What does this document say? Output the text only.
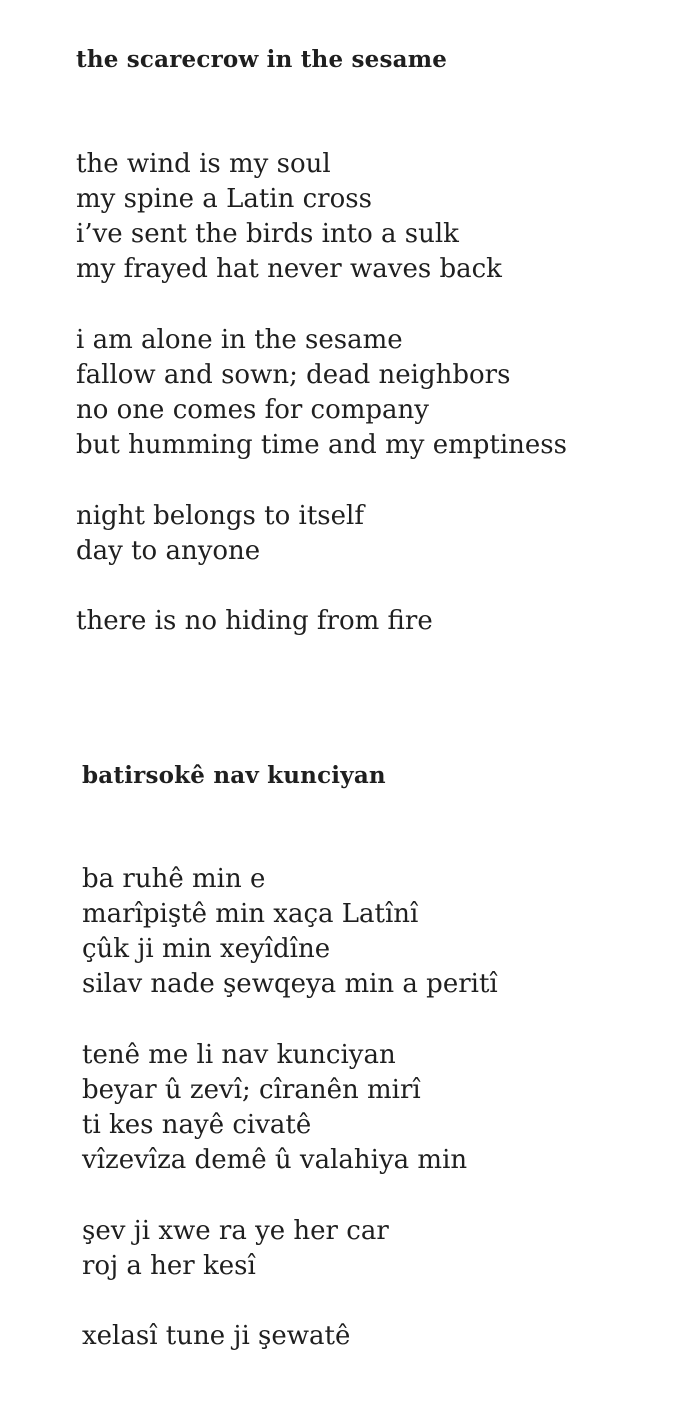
the scarecrow in the sesame

the wind is my soul
my spine a Latin cross
i’ve sent the birds into a sulk
my frayed hat never waves back

i am alone in the sesame
fallow and sown; dead neighbors
no one comes for company
but humming time and my emptiness

night belongs to itself
day to anyone

there is no hiding from fire

batirsokê nav kunciyan

ba ruhê min e
marîpiştê min xaça Latînî
çûk ji min xeyîdîne
silav nade şewqeya min a peritî

tenê me li nav kunciyan
beyar û zevî; cîranên mirî
ti kes nayê civatê
vîzevîza demê û valahiya min

şev ji xwe ra ye her car
roj a her kesî

xelasî tune ji şewatê
